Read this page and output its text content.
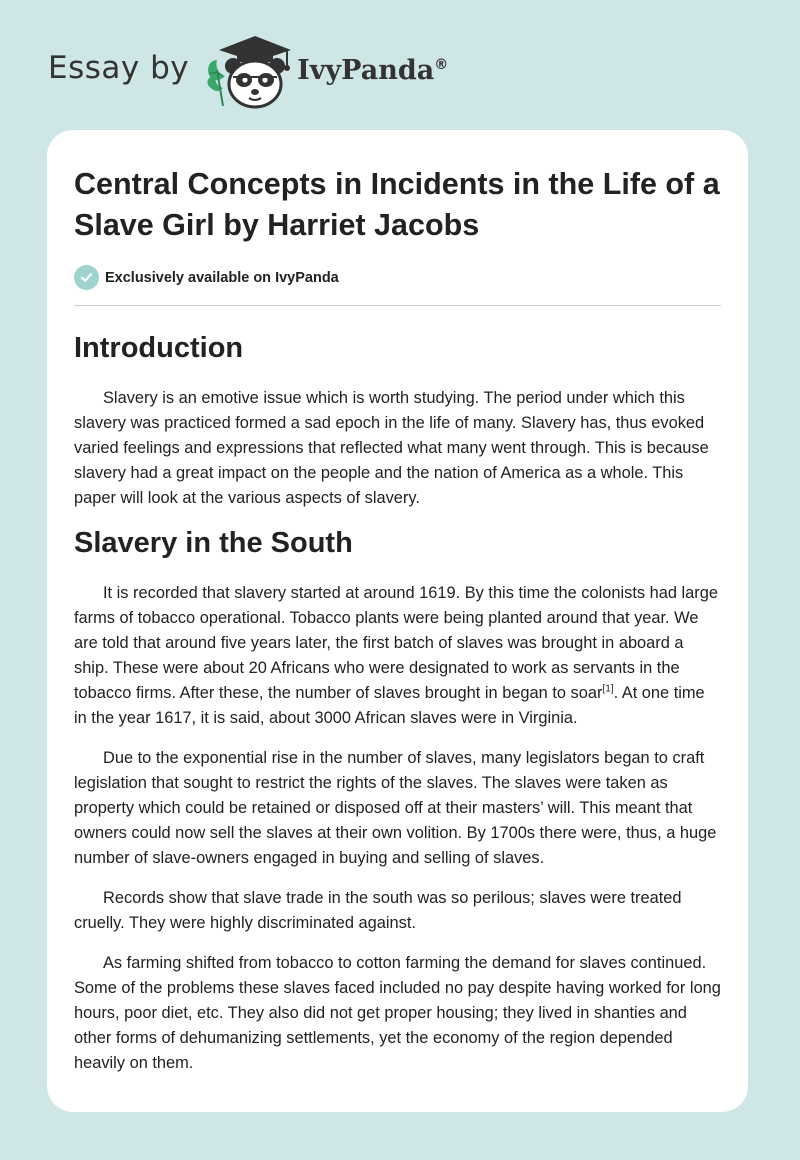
Essay by	IvyPanda®
Central Concepts in Incidents in the Life of a Slave Girl by Harriet Jacobs
Exclusively available on IvyPanda
Introduction

Slavery is an emotive issue which is worth studying. The period under which this slavery was practiced formed a sad epoch in the life of many. Slavery has, thus evoked varied feelings and expressions that reflected what many went through. This is because slavery had a great impact on the people and the nation of America as a whole. This paper will look at the various aspects of slavery.

Slavery in the South

It is recorded that slavery started at around 1619. By this time the colonists had large farms of tobacco operational. Tobacco plants were being planted around that year. We are told that around five years later, the first batch of slaves was brought in aboard a ship. These were about 20 Africans who were designated to work as servants in the tobacco firms. After these, the number of slaves brought in began to soar[1]. At one time in the year 1617, it is said, about 3000 African slaves were in Virginia.

Due to the exponential rise in the number of slaves, many legislators began to craft legislation that sought to restrict the rights of the slaves. The slaves were taken as property which could be retained or disposed off at their masters’ will. This meant that owners could now sell the slaves at their own volition. By 1700s there were, thus, a huge number of slave-owners engaged in buying and selling of slaves.

Records show that slave trade in the south was so perilous; slaves were treated cruelly. They were highly discriminated against.

As farming shifted from tobacco to cotton farming the demand for slaves continued. Some of the problems these slaves faced included no pay despite having worked for long hours, poor diet, etc. They also did not get proper housing; they lived in shanties and other forms of dehumanizing settlements, yet the economy of the region depended heavily on them.
